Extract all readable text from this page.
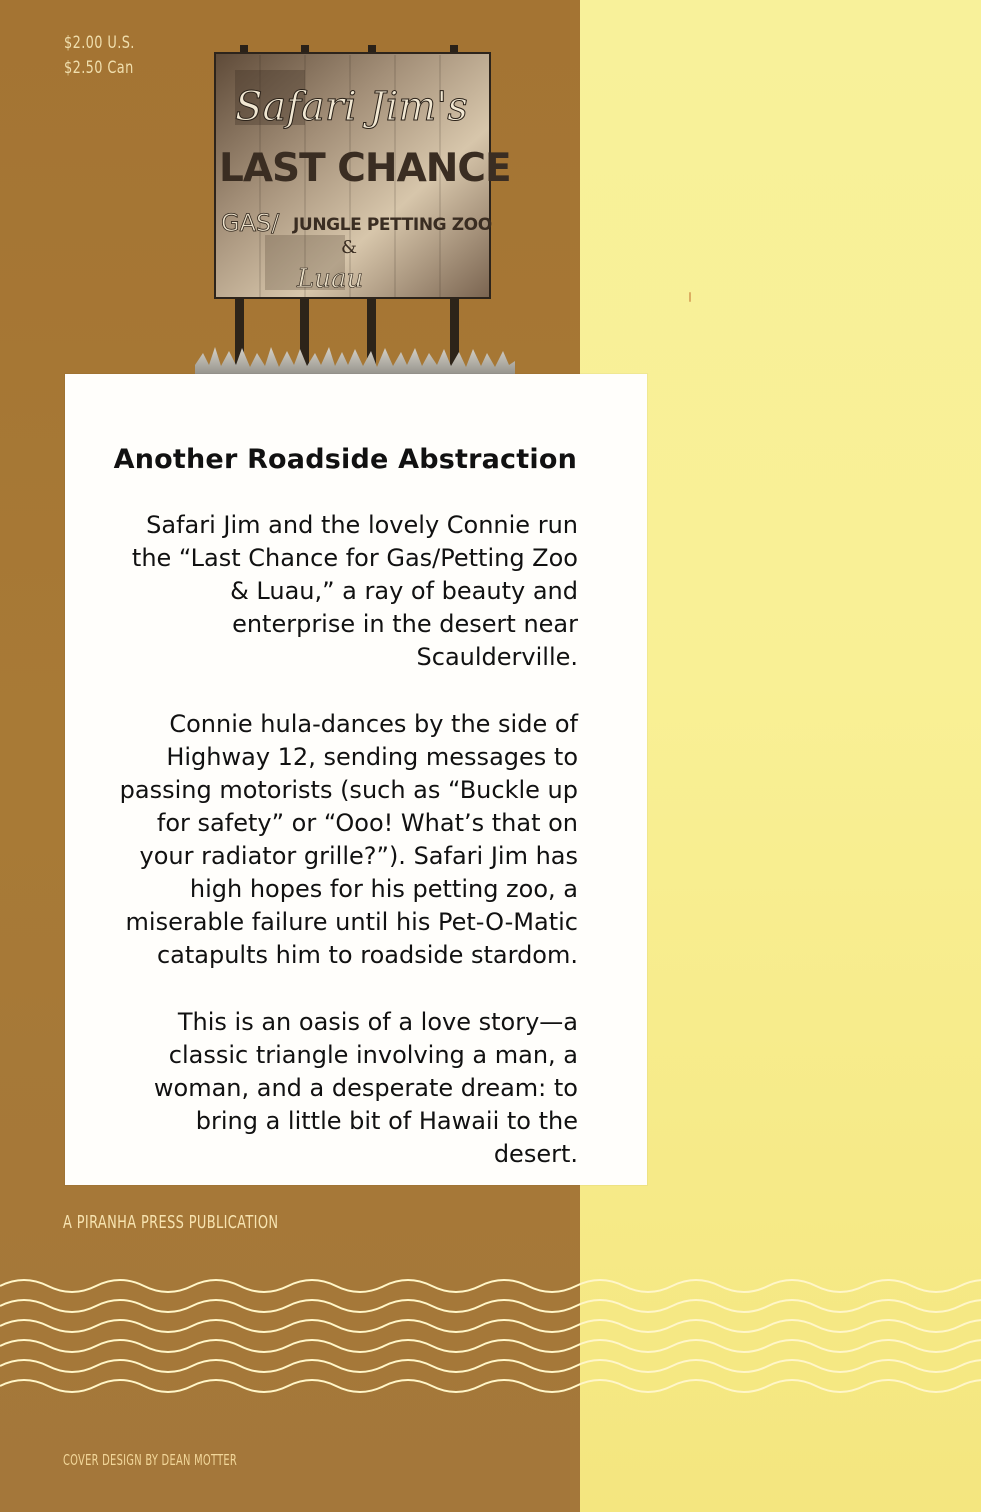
$2.00 U.S.
$2.50 Can
Safari Jim's
LAST CHANCE
GAS/ JUNGLE PETTING ZOO
&
Luau
Another Roadside Abstraction

Safari Jim and the lovely Connie run the “Last Chance for Gas/Petting Zoo & Luau,” a ray of beauty and enterprise in the desert near Scaulderville.

Connie hula-dances by the side of Highway 12, sending messages to passing motorists (such as “Buckle up for safety” or “Ooo! What’s that on your radiator grille?”). Safari Jim has high hopes for his petting zoo, a miserable failure until his Pet-O-Matic catapults him to roadside stardom.

This is an oasis of a love story—a classic triangle involving a man, a woman, and a desperate dream: to bring a little bit of Hawaii to the desert.

A PIRANHA PRESS PUBLICATION
COVER DESIGN BY DEAN MOTTER
